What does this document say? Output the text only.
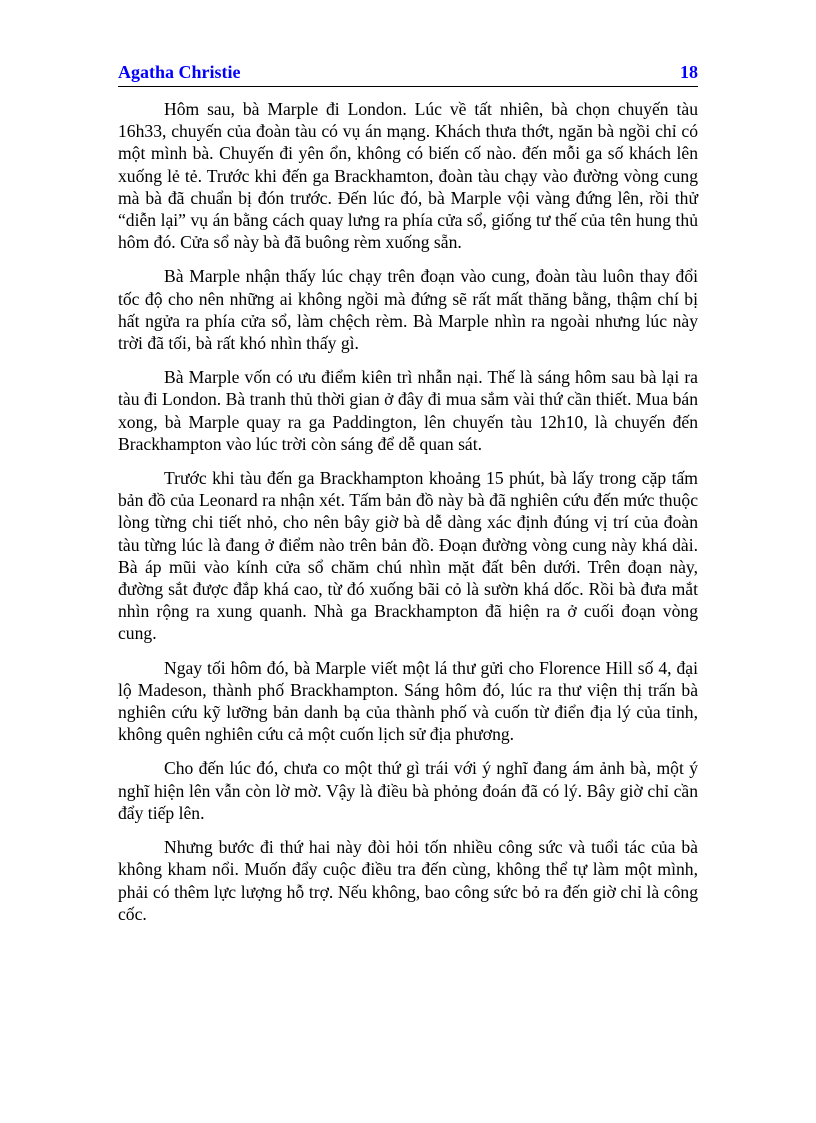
Agatha Christie	18

Hôm sau, bà Marple đi London. Lúc về tất nhiên, bà chọn chuyến tàu 16h33, chuyến của đoàn tàu có vụ án mạng. Khách thưa thớt, ngăn bà ngồi chỉ có một mình bà. Chuyến đi yên ổn, không có biến cố nào. đến mỗi ga số khách lên xuống lẻ tẻ. Trước khi đến ga Brackhamton, đoàn tàu chạy vào đường vòng cung mà bà đã chuẩn bị đón trước. Đến lúc đó, bà Marple vội vàng đứng lên, rồi thử “diễn lại” vụ án bằng cách quay lưng ra phía cửa sổ, giống tư thế của tên hung thủ hôm đó. Cửa sổ này bà đã buông rèm xuống sẵn.

Bà Marple nhận thấy lúc chạy trên đoạn vào cung, đoàn tàu luôn thay đổi tốc độ cho nên những ai không ngồi mà đứng sẽ rất mất thăng bằng, thậm chí bị hất ngửa ra phía cửa sổ, làm chệch rèm. Bà Marple nhìn ra ngoài nhưng lúc này trời đã tối, bà rất khó nhìn thấy gì.

Bà Marple vốn có ưu điểm kiên trì nhẫn nại. Thế là sáng hôm sau bà lại ra tàu đi London. Bà tranh thủ thời gian ở đây đi mua sắm vài thứ cần thiết. Mua bán xong, bà Marple quay ra ga Paddington, lên chuyến tàu 12h10, là chuyến đến Brackhampton vào lúc trời còn sáng để dễ quan sát.

Trước khi tàu đến ga Brackhampton khoảng 15 phút, bà lấy trong cặp tấm bản đồ của Leonard ra nhận xét. Tấm bản đồ này bà đã nghiên cứu đến mức thuộc lòng từng chi tiết nhỏ, cho nên bây giờ bà dễ dàng xác định đúng vị trí của đoàn tàu từng lúc là đang ở điểm nào trên bản đồ. Đoạn đường vòng cung này khá dài. Bà áp mũi vào kính cửa sổ chăm chú nhìn mặt đất bên dưới. Trên đoạn này, đường sắt được đắp khá cao, từ đó xuống bãi cỏ là sườn khá dốc. Rồi bà đưa mắt nhìn rộng ra xung quanh. Nhà ga Brackhampton đã hiện ra ở cuối đoạn vòng cung.

Ngay tối hôm đó, bà Marple viết một lá thư gửi cho Florence Hill số 4, đại lộ Madeson, thành phố Brackhampton. Sáng hôm đó, lúc ra thư viện thị trấn bà nghiên cứu kỹ lưỡng bản danh bạ của thành phố và cuốn từ điển địa lý của tỉnh, không quên nghiên cứu cả một cuốn lịch sử địa phương.

Cho đến lúc đó, chưa co một thứ gì trái với ý nghĩ đang ám ảnh bà, một ý nghĩ hiện lên vẫn còn lờ mờ. Vậy là điều bà phỏng đoán đã có lý. Bây giờ chỉ cần đẩy tiếp lên.

Nhưng bước đi thứ hai này đòi hỏi tốn nhiều công sức và tuổi tác của bà không kham nổi. Muốn đẩy cuộc điều tra đến cùng, không thể tự làm một mình, phải có thêm lực lượng hỗ trợ. Nếu không, bao công sức bỏ ra đến giờ chỉ là công cốc.
